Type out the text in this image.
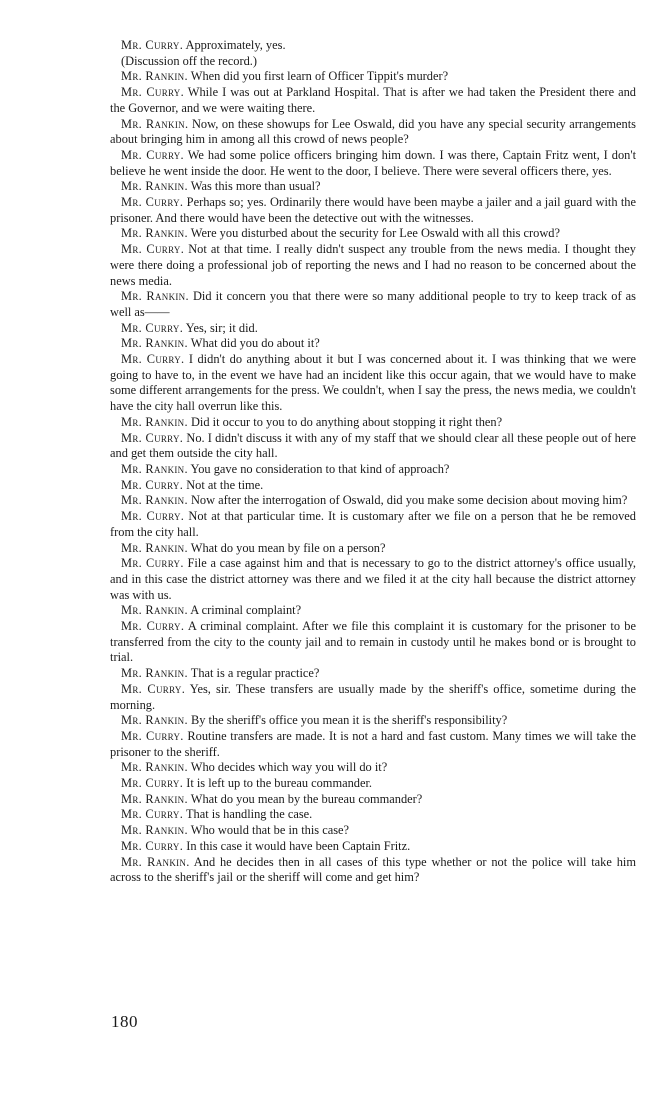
Mr. Curry. Approximately, yes.

(Discussion off the record.)

Mr. Rankin. When did you first learn of Officer Tippit's murder?

Mr. Curry. While I was out at Parkland Hospital. That is after we had taken the President there and the Governor, and we were waiting there.

Mr. Rankin. Now, on these showups for Lee Oswald, did you have any special security arrangements about bringing him in among all this crowd of news people?

Mr. Curry. We had some police officers bringing him down. I was there, Captain Fritz went, I don't believe he went inside the door. He went to the door, I believe. There were several officers there, yes.

Mr. Rankin. Was this more than usual?

Mr. Curry. Perhaps so; yes. Ordinarily there would have been maybe a jailer and a jail guard with the prisoner. And there would have been the detective out with the witnesses.

Mr. Rankin. Were you disturbed about the security for Lee Oswald with all this crowd?

Mr. Curry. Not at that time. I really didn't suspect any trouble from the news media. I thought they were there doing a professional job of reporting the news and I had no reason to be concerned about the news media.

Mr. Rankin. Did it concern you that there were so many additional people to try to keep track of as well as——

Mr. Curry. Yes, sir; it did.

Mr. Rankin. What did you do about it?

Mr. Curry. I didn't do anything about it but I was concerned about it. I was thinking that we were going to have to, in the event we have had an incident like this occur again, that we would have to make some different arrangements for the press. We couldn't, when I say the press, the news media, we couldn't have the city hall overrun like this.

Mr. Rankin. Did it occur to you to do anything about stopping it right then?

Mr. Curry. No. I didn't discuss it with any of my staff that we should clear all these people out of here and get them outside the city hall.

Mr. Rankin. You gave no consideration to that kind of approach?

Mr. Curry. Not at the time.

Mr. Rankin. Now after the interrogation of Oswald, did you make some decision about moving him?

Mr. Curry. Not at that particular time. It is customary after we file on a person that he be removed from the city hall.

Mr. Rankin. What do you mean by file on a person?

Mr. Curry. File a case against him and that is necessary to go to the district attorney's office usually, and in this case the district attorney was there and we filed it at the city hall because the district attorney was with us.

Mr. Rankin. A criminal complaint?

Mr. Curry. A criminal complaint. After we file this complaint it is customary for the prisoner to be transferred from the city to the county jail and to remain in custody until he makes bond or is brought to trial.

Mr. Rankin. That is a regular practice?

Mr. Curry. Yes, sir. These transfers are usually made by the sheriff's office, sometime during the morning.

Mr. Rankin. By the sheriff's office you mean it is the sheriff's responsibility?

Mr. Curry. Routine transfers are made. It is not a hard and fast custom. Many times we will take the prisoner to the sheriff.

Mr. Rankin. Who decides which way you will do it?

Mr. Curry. It is left up to the bureau commander.

Mr. Rankin. What do you mean by the bureau commander?

Mr. Curry. That is handling the case.

Mr. Rankin. Who would that be in this case?

Mr. Curry. In this case it would have been Captain Fritz.

Mr. Rankin. And he decides then in all cases of this type whether or not the police will take him across to the sheriff's jail or the sheriff will come and get him?

180
